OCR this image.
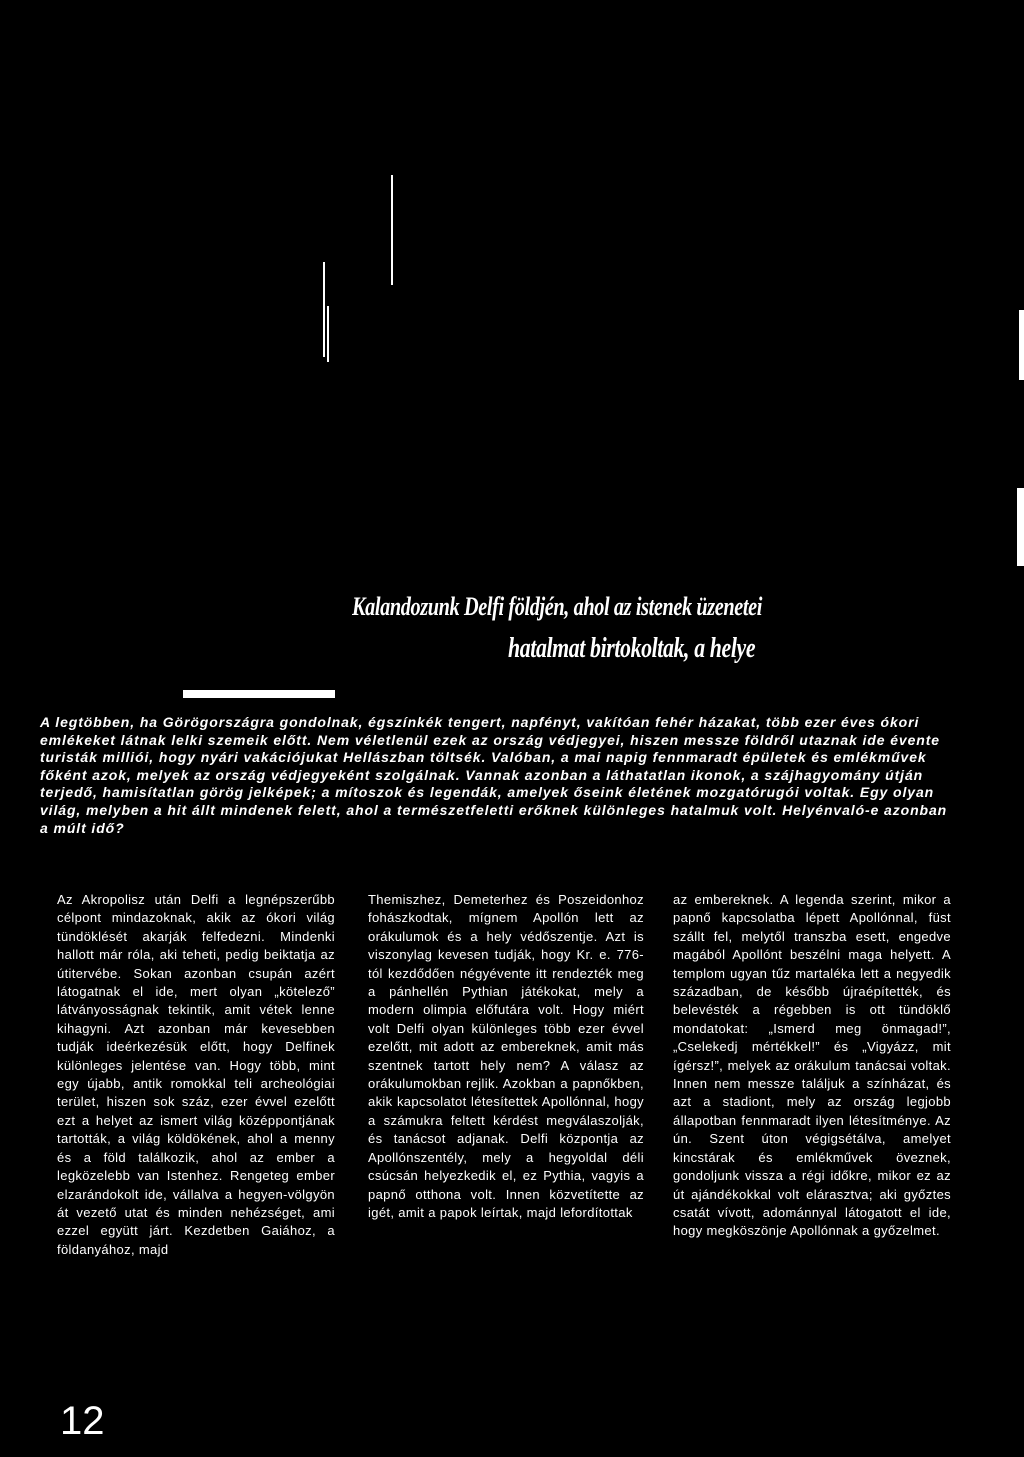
Kalandozunk Delfi földjén, ahol az istenek üzenetei
hatalmat birtokoltak, a helye
A legtöbben, ha Görögországra gondolnak, égszínkék tengert, napfényt, vakítóan fehér házakat, több ezer éves ókori emlékeket látnak lelki szemeik előtt. Nem véletlenül ezek az ország védjegyei, hiszen messze földről utaznak ide évente turisták milliói, hogy nyári vakációjukat Hellászban töltsék. Valóban, a mai napig fennmaradt épületek és emlékművek főként azok, melyek az ország védjegyeként szolgálnak. Vannak azonban a láthatatlan ikonok, a szájhagyomány útján terjedő, hamisítatlan görög jelképek; a mítoszok és legendák, amelyek őseink életének mozgatórugói voltak. Egy olyan világ, melyben a hit állt mindenek felett, ahol a természetfeletti erőknek különleges hatalmuk volt. Helyénvaló-e azonban a múlt idő?

Az Akropolisz után Delfi a legnépszerűbb célpont mindazoknak, akik az ókori világ tündöklését akarják felfedezni. Mindenki hallott már róla, aki teheti, pedig beiktatja az útitervébe. Sokan azonban csupán azért látogatnak el ide, mert olyan „kötelező” látványosságnak tekintik, amit vétek lenne kihagyni. Azt azonban már kevesebben tudják ideérkezésük előtt, hogy Delfinek különleges jelentése van. Hogy több, mint egy újabb, antik romokkal teli archeológiai terület, hiszen sok száz, ezer évvel ezelőtt ezt a helyet az ismert világ középpontjának tartották, a világ köldökének, ahol a menny és a föld találkozik, ahol az ember a legközelebb van Istenhez. Rengeteg ember elzarándokolt ide, vállalva a hegyen-völgyön át vezető utat és minden nehézséget, ami ezzel együtt járt. Kezdetben Gaiához, a földanyához, majd

Themiszhez, Demeterhez és Poszeidonhoz fohászkodtak, mígnem Apollón lett az orákulumok és a hely védőszentje. Azt is viszonylag kevesen tudják, hogy Kr. e. 776-tól kezdődően négyévente itt rendezték meg a pánhellén Pythian játékokat, mely a modern olimpia előfutára volt. Hogy miért volt Delfi olyan különleges több ezer évvel ezelőtt, mit adott az embereknek, amit más szentnek tartott hely nem? A válasz az orákulumokban rejlik. Azokban a papnőkben, akik kapcsolatot létesítettek Apollónnal, hogy a számukra feltett kérdést megválaszolják, és tanácsot adjanak. Delfi központja az Apollónszentély, mely a hegyoldal déli csúcsán helyezkedik el, ez Pythia, vagyis a papnő otthona volt. Innen közvetítette az igét, amit a papok leírtak, majd lefordítottak

az embereknek. A legenda szerint, mikor a papnő kapcsolatba lépett Apollónnal, füst szállt fel, melytől transzba esett, engedve magából Apollónt beszélni maga helyett. A templom ugyan tűz martaléka lett a negyedik században, de később újraépítették, és belevésték a régebben is ott tündöklő mondatokat: „Ismerd meg önmagad!”, „Cselekedj mértékkel!” és „Vigyázz, mit ígérsz!”, melyek az orákulum tanácsai voltak. Innen nem messze találjuk a színházat, és azt a stadiont, mely az ország legjobb állapotban fennmaradt ilyen létesítménye. Az ún. Szent úton végigsétálva, amelyet kincstárak és emlékművek öveznek, gondoljunk vissza a régi időkre, mikor ez az út ajándékokkal volt elárasztva; aki győztes csatát vívott, adománnyal látogatott el ide, hogy megköszönje Apollónnak a győzelmet.

12
